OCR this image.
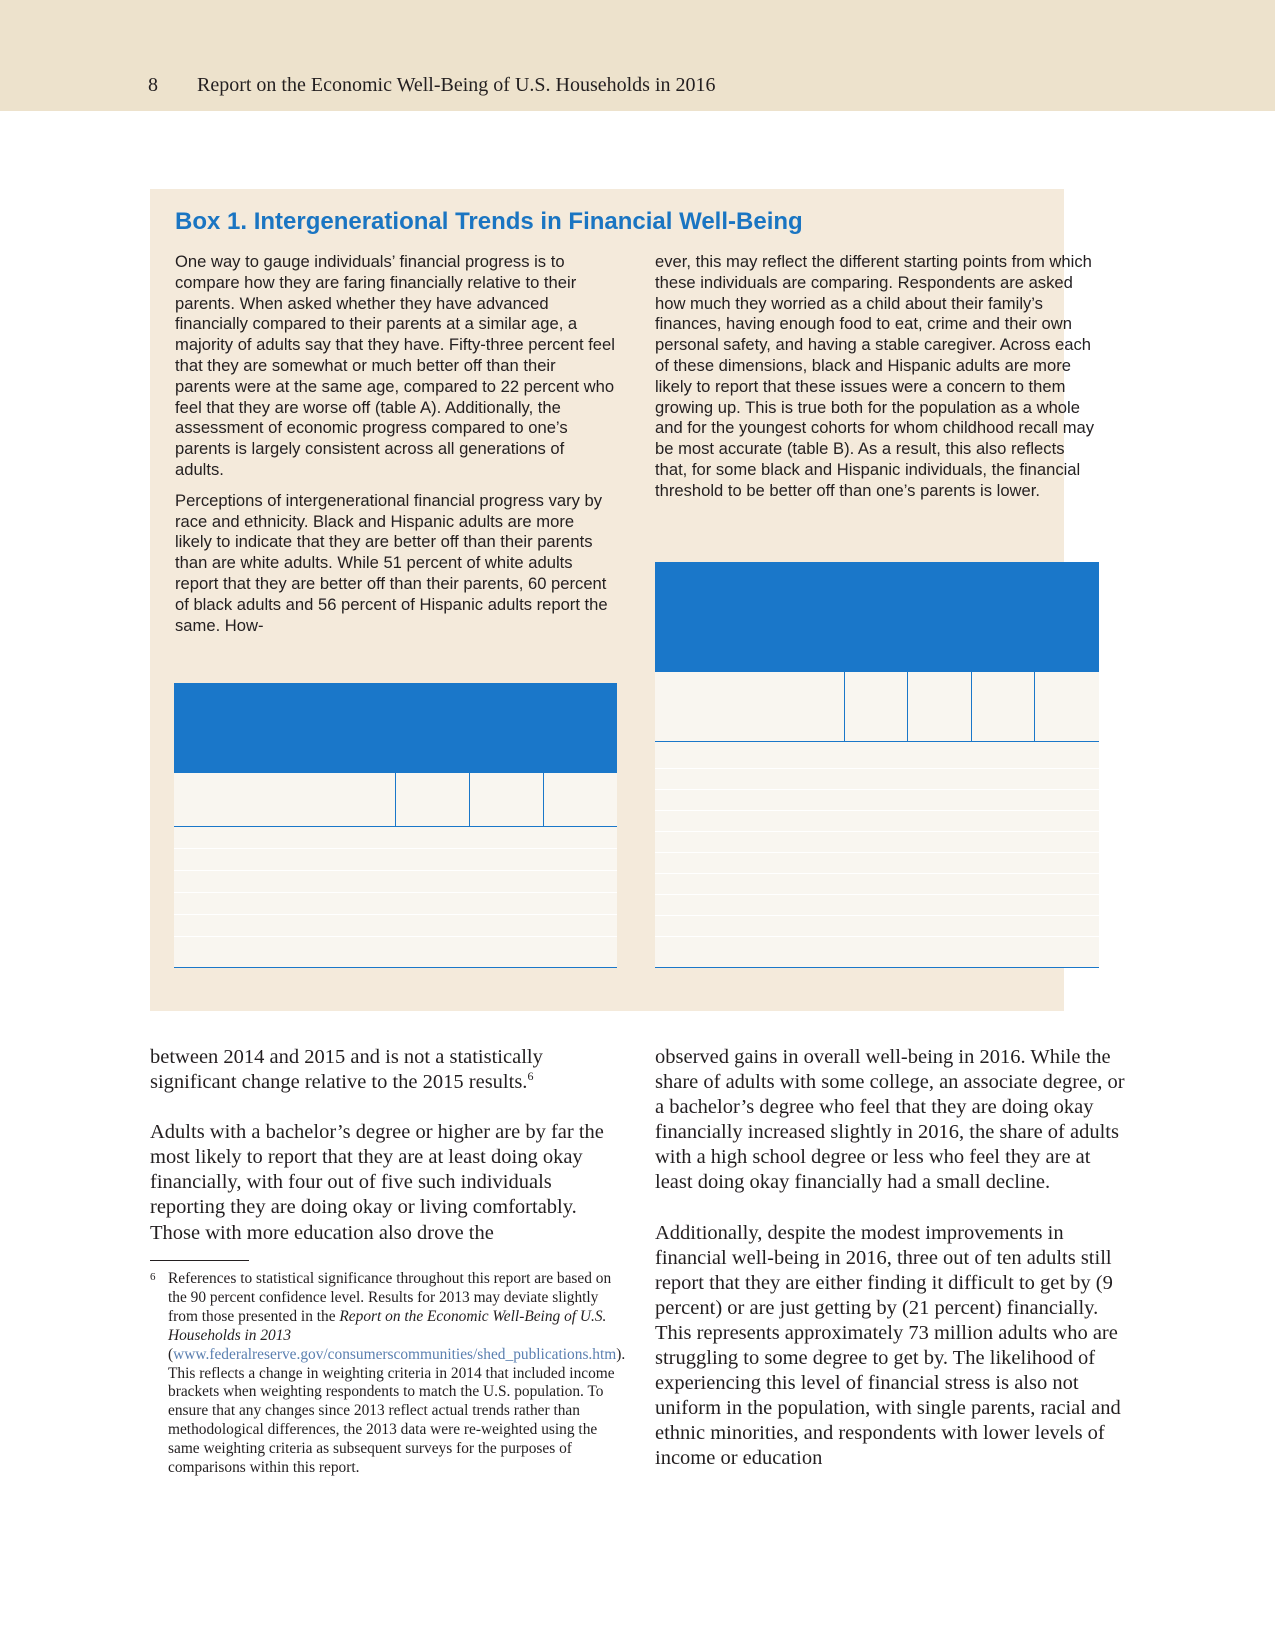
8 Report on the Economic Well-Being of U.S. Households in 2016
Box 1. Intergenerational Trends in Financial Well-Being

One way to gauge individuals’ financial progress is to compare how they are faring financially relative to their parents. When asked whether they have advanced financially compared to their parents at a similar age, a majority of adults say that they have. Fifty-three percent feel that they are somewhat or much better off than their parents were at the same age, compared to 22 percent who feel that they are worse off (table A). Additionally, the assessment of economic progress compared to one’s parents is largely consistent across all generations of adults.

Perceptions of intergenerational financial progress vary by race and ethnicity. Black and Hispanic adults are more likely to indicate that they are better off than their parents than are white adults. While 51 percent of white adults report that they are better off than their parents, 60 percent of black adults and 56 percent of Hispanic adults report the same. How-

ever, this may reflect the different starting points from which these individuals are comparing. Respondents are asked how much they worried as a child about their family’s finances, having enough food to eat, crime and their own personal safety, and having a stable caregiver. Across each of these dimensions, black and Hispanic adults are more likely to report that these issues were a concern to them growing up. This is true both for the population as a whole and for the youngest cohorts for whom childhood recall may be most accurate (table B). As a result, this also reflects that, for some black and Hispanic individuals, the financial threshold to be better off than one’s parents is lower.

between 2014 and 2015 and is not a statistically significant change relative to the 2015 results.$^6$

Adults with a bachelor’s degree or higher are by far the most likely to report that they are at least doing okay financially, with four out of five such individuals reporting they are doing okay or living comfortably. Those with more education also drove the

observed gains in overall well-being in 2016. While the share of adults with some college, an associate degree, or a bachelor’s degree who feel that they are doing okay financially increased slightly in 2016, the share of adults with a high school degree or less who feel they are at least doing okay financially had a small decline.

Additionally, despite the modest improvements in financial well-being in 2016, three out of ten adults still report that they are either finding it difficult to get by (9 percent) or are just getting by (21 percent) financially. This represents approximately 73 million adults who are struggling to some degree to get by. The likelihood of experiencing this level of financial stress is also not uniform in the population, with single parents, racial and ethnic minorities, and respondents with lower levels of income or education

6 References to statistical significance throughout this report are based on the 90 percent confidence level. Results for 2013 may deviate slightly from those presented in the Report on the Economic Well-Being of U.S. Households in 2013 (www.federalreserve.gov/consumerscommunities/shed_publications.htm). This reflects a change in weighting criteria in 2014 that included income brackets when weighting respondents to match the U.S. population. To ensure that any changes since 2013 reflect actual trends rather than methodological differences, the 2013 data were re-weighted using the same weighting criteria as subsequent surveys for the purposes of comparisons within this report.
